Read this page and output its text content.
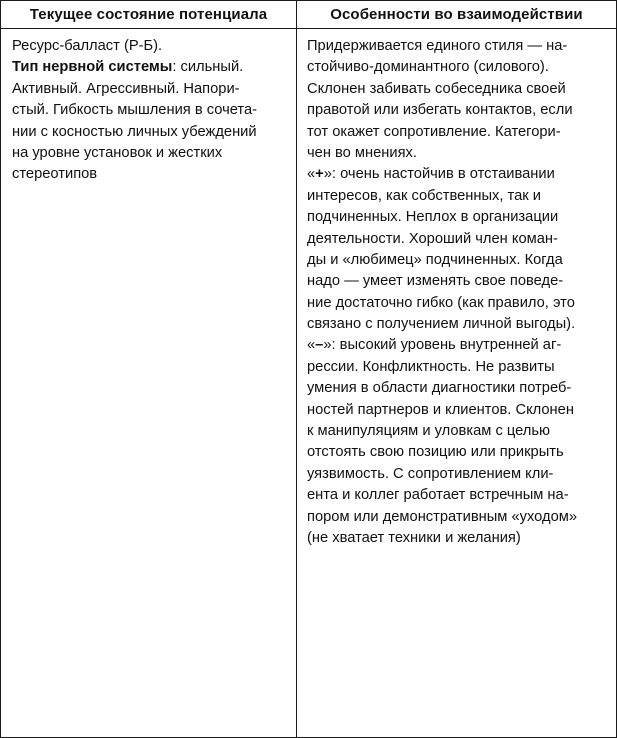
Текущее состояние потенциала	Особенности во взаимодействии
Ресурс-балласт (Р-Б).
Тип нервной системы: сильный.
Активный. Агрессивный. Напори-
стый. Гибкость мышления в сочета-
нии с косностью личных убеждений
на уровне установок и жестких
стереотипов
Придерживается единого стиля — на-
стойчиво-доминантного (силового).
Склонен забивать собеседника своей
правотой или избегать контактов, если
тот окажет сопротивление. Категори-
чен во мнениях.
«+»: очень настойчив в отстаивании
интересов, как собственных, так и
подчиненных. Неплох в организации
деятельности. Хороший член коман-
ды и «любимец» подчиненных. Когда
надо — умеет изменять свое поведе-
ние достаточно гибко (как правило, это
связано с получением личной выгоды).
«–»: высокий уровень внутренней аг-
рессии. Конфликтность. Не развиты
умения в области диагностики потреб-
ностей партнеров и клиентов. Склонен
к манипуляциям и уловкам с целью
отстоять свою позицию или прикрыть
уязвимость. С сопротивлением кли-
ента и коллег работает встречным на-
пором или демонстративным «уходом»
(не хватает техники и желания)
